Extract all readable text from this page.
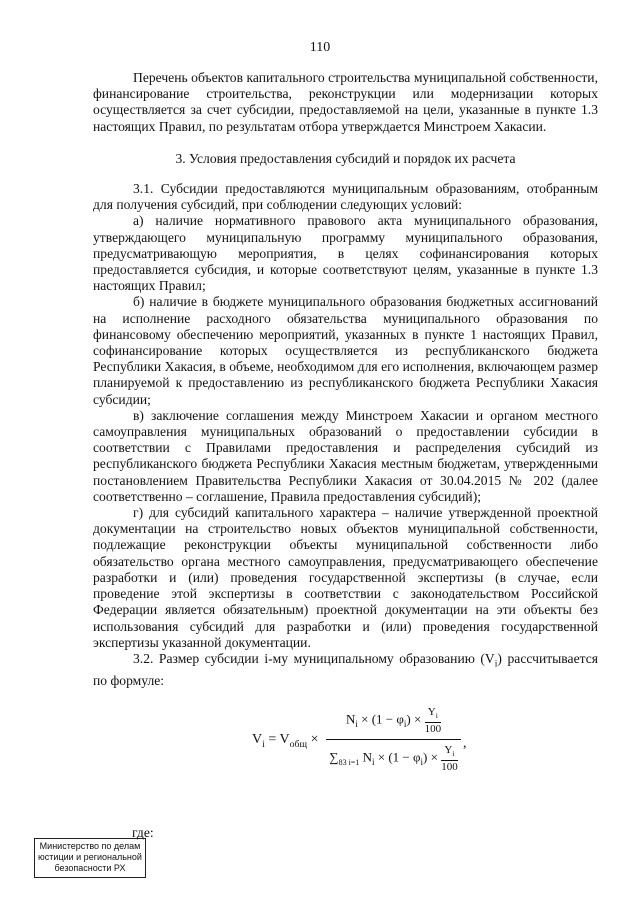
110

Перечень объектов капитального строительства муниципальной собственности, финансирование строительства, реконструкции или модернизации которых осуществляется за счет субсидии, предоставляемой на цели, указанные в пункте 1.3 настоящих Правил, по результатам отбора утверждается Минстроем Хакасии.

3. Условия предоставления субсидий и порядок их расчета

3.1. Субсидии предоставляются муниципальным образованиям, отобранным для получения субсидий, при соблюдении следующих условий:

а) наличие нормативного правового акта муниципального образования, утверждающего муниципальную программу муниципального образования, предусматривающую мероприятия, в целях софинансирования которых предоставляется субсидия, и которые соответствуют целям, указанные в пункте 1.3 настоящих Правил;

б) наличие в бюджете муниципального образования бюджетных ассигнований на исполнение расходного обязательства муниципального образования по финансовому обеспечению мероприятий, указанных в пункте 1 настоящих Правил, софинансирование которых осуществляется из республиканского бюджета Республики Хакасия, в объеме, необходимом для его исполнения, включающем размер планируемой к предоставлению из республиканского бюджета Республики Хакасия субсидии;

в) заключение соглашения между Минстроем Хакасии и органом местного самоуправления муниципальных образований о предоставлении субсидии в соответствии с Правилами предоставления и распределения субсидий из республиканского бюджета Республики Хакасия местным бюджетам, утвержденными постановлением Правительства Республики Хакасия от 30.04.2015 № 202 (далее соответственно – соглашение, Правила предоставления субсидий);

г) для субсидий капитального характера – наличие утвержденной проектной документации на строительство новых объектов муниципальной собственности, подлежащие реконструкции объекты муниципальной собственности либо обязательство органа местного самоуправления, предусматривающего обеспечение разработки и (или) проведения государственной экспертизы (в случае, если проведение этой экспертизы в соответствии с законодательством Российской Федерации является обязательным) проектной документации на эти объекты без использования субсидий для разработки и (или) проведения государственной экспертизы указанной документации.

3.2. Размер субсидии i-му муниципальному образованию $(V_i)$ рассчитывается по формуле:

$V_i = V_{общ} \times \frac{N_i \times (1 - \varphi_i) \times \frac{Y_i}{100}}{\sum_{83 i=1} N_i \times (1 - \varphi_i) \times \frac{Y_i}{100}}$ ,
где:
Министерство по делам юстиции и региональной безопасности РХ
